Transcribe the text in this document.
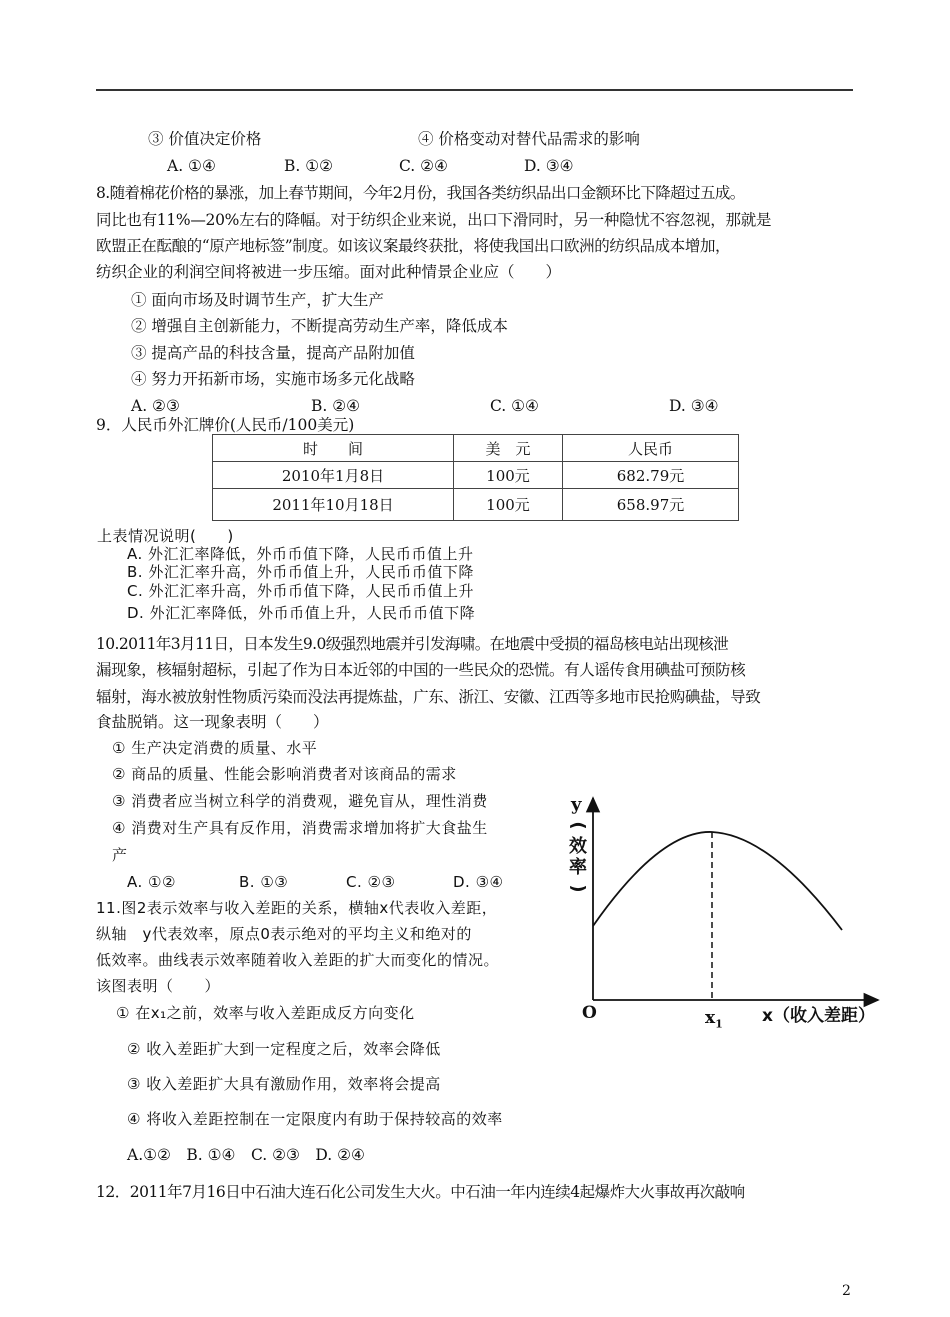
③ 价值决定价格	④ 价格变动对替代品需求的影响
A. ①④	B. ①②	C. ②④	D. ③④
8.随着棉花价格的暴涨，加上春节期间，今年2月份，我国各类纺织品出口金额环比下降超过五成。
同比也有11%—20%左右的降幅。对于纺织企业来说，出口下滑同时，另一种隐忧不容忽视，那就是
欧盟正在酝酿的“原产地标签”制度。如该议案最终获批，将使我国出口欧洲的纺织品成本增加，
纺织企业的利润空间将被进一步压缩。面对此种情景企业应（　　）
① 面向市场及时调节生产，扩大生产
② 增强自主创新能力，不断提高劳动生产率，降低成本
③ 提高产品的科技含量，提高产品附加值
④ 努力开拓新市场，实施市场多元化战略
A. ②③	B. ②④	C. ①④	D. ③④
9．人民币外汇牌价(人民币/100美元)
时　　间	美　元	人民币
2010年1月8日	100元	682.79元
2011年10月18日	100元	658.97元
上表情况说明(　　)
A. 外汇汇率降低，外币币值下降，人民币币值上升
B. 外汇汇率升高，外币币值上升，人民币币值下降
C. 外汇汇率升高，外币币值下降，人民币币值上升
D. 外汇汇率降低，外币币值上升，人民币币值下降
10.2011年3月11日，日本发生9.0级强烈地震并引发海啸。在地震中受损的福岛核电站出现核泄
漏现象，核辐射超标，引起了作为日本近邻的中国的一些民众的恐慌。有人谣传食用碘盐可预防核
辐射，海水被放射性物质污染而没法再提炼盐，广东、浙江、安徽、江西等多地市民抢购碘盐，导致
食盐脱销。这一现象表明（　　）
① 生产决定消费的质量、水平
② 商品的质量、性能会影响消费者对该商品的需求
③ 消费者应当树立科学的消费观，避免盲从，理性消费
④ 消费对生产具有反作用，消费需求增加将扩大食盐生
产
A. ①②	B. ①③	C. ②③	D. ③④
11.图2表示效率与收入差距的关系，横轴x代表收入差距，
纵轴　y代表效率，原点0表示绝对的平均主义和绝对的
低效率。曲线表示效率随着收入差距的扩大而变化的情况。
该图表明（　　）
① 在x₁之前，效率与收入差距成反方向变化
② 收入差距扩大到一定程度之后，效率会降低
③ 收入差距扩大具有激励作用，效率将会提高
④ 将收入差距控制在一定限度内有助于保持较高的效率
A.①②　B. ①④　C. ②③　D. ②④
y
(
效
率
)
O	$x_1$ x（收入差距）
12．2011年7月16日中石油大连石化公司发生大火。中石油一年内连续4起爆炸大火事故再次敲响
2
